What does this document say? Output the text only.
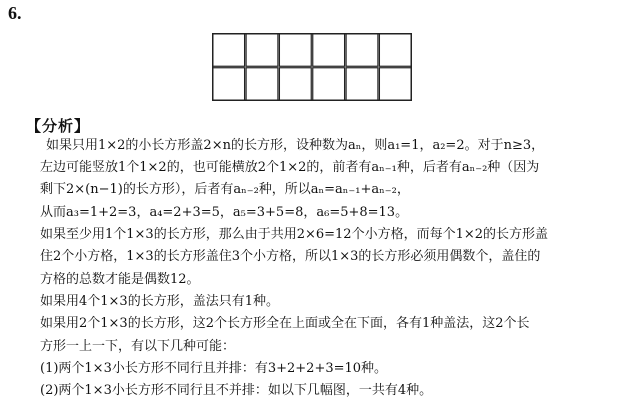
6.
【分析】
如果只用1×2的小长方形盖2×n的长方形，设种数为aₙ，则a₁=1，a₂=2。对于n≥3，
左边可能竖放1个1×2的，也可能横放2个1×2的，前者有aₙ₋₁种，后者有aₙ₋₂种（因为
剩下2×(n−1)的长方形），后者有aₙ₋₂种，所以aₙ=aₙ₋₁+aₙ₋₂，
从而a₃=1+2=3，a₄=2+3=5，a₅=3+5=8，a₆=5+8=13。
如果至少用1个1×3的长方形，那么由于共用2×6=12个小方格，而每个1×2的长方形盖
住2个小方格，1×3的长方形盖住3个小方格，所以1×3的长方形必须用偶数个，盖住的
方格的总数才能是偶数12。
如果用4个1×3的长方形，盖法只有1种。
如果用2个1×3的长方形，这2个长方形全在上面或全在下面，各有1种盖法，这2个长
方形一上一下，有以下几种可能：
(1)两个1×3小长方形不同行且并排：有3+2+2+3=10种。
(2)两个1×3小长方形不同行且不并排：如以下几幅图，一共有4种。
